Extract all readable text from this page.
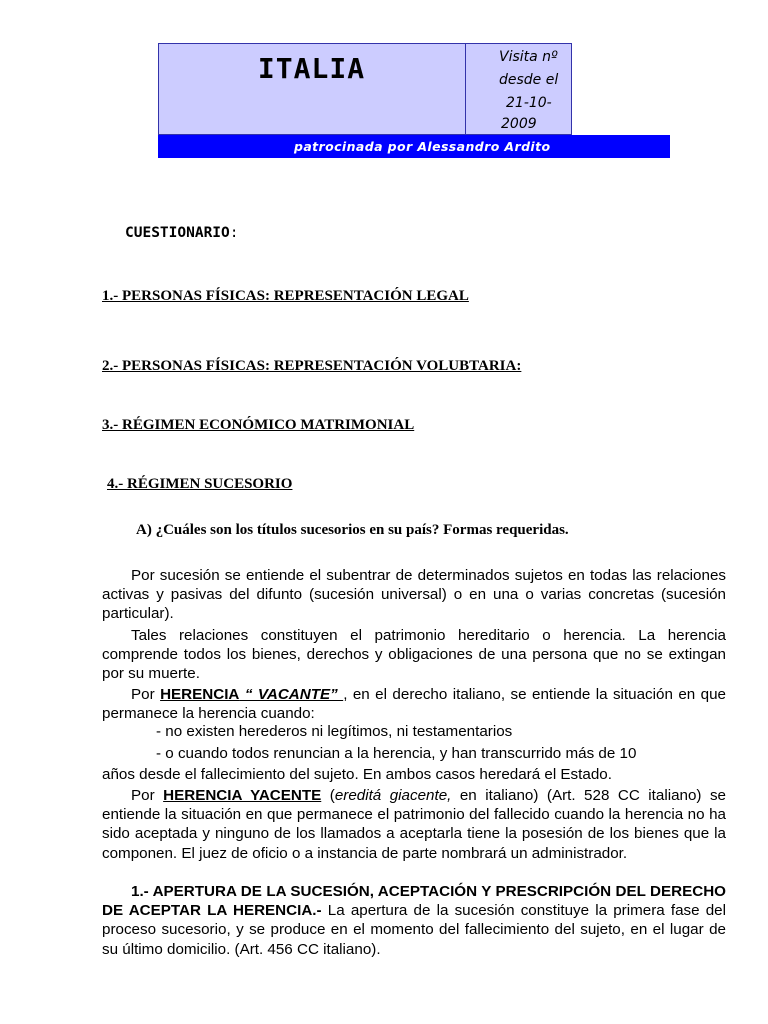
ITALIA	Visita nº
desde el
21-10-
2009
patrocinada por Alessandro Ardito
CUESTIONARIO:
1.- PERSONAS FÍSICAS: REPRESENTACIÓN LEGAL
2.- PERSONAS FÍSICAS: REPRESENTACIÓN VOLUBTARIA:
3.- RÉGIMEN ECONÓMICO MATRIMONIAL
4.- RÉGIMEN SUCESORIO
A) ¿Cuáles son los títulos sucesorios en su país? Formas requeridas.

Por sucesión se entiende el subentrar de determinados sujetos en todas las relaciones activas y pasivas del difunto (sucesión universal) o en una o varias concretas (sucesión particular).

Tales relaciones constituyen el patrimonio hereditario o herencia. La herencia comprende todos los bienes, derechos y obligaciones de una persona que no se extingan por su muerte.

Por HERENCIA “ VACANTE” , en el derecho italiano, se entiende la situación en que permanece la herencia cuando:

- no existen herederos ni legítimos, ni testamentarios
- o cuando todos renuncian a la herencia, y han transcurrido más de 10

años desde el fallecimiento del sujeto. En ambos casos heredará el Estado.

Por HERENCIA YACENTE (ereditá giacente, en italiano) (Art. 528 CC italiano) se entiende la situación en que permanece el patrimonio del fallecido cuando la herencia no ha sido aceptada y ninguno de los llamados a aceptarla tiene la posesión de los bienes que la componen. El juez de oficio o a instancia de parte nombrará un administrador.

1.- APERTURA DE LA SUCESIÓN, ACEPTACIÓN Y PRESCRIPCIÓN DEL DERECHO DE ACEPTAR LA HERENCIA.- La apertura de la sucesión constituye la primera fase del proceso sucesorio, y se produce en el momento del fallecimiento del sujeto, en el lugar de su último domicilio. (Art. 456 CC italiano).
